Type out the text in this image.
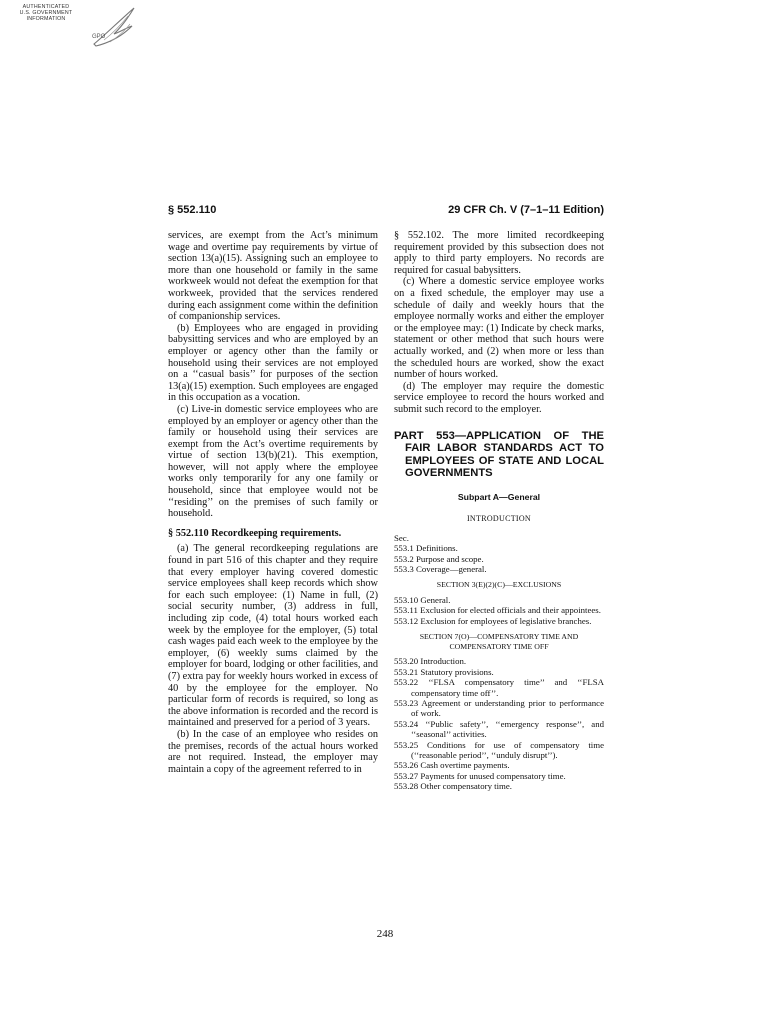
AUTHENTICATED
U.S. GOVERNMENT
INFORMATION
GPO
§ 552.110	29 CFR Ch. V (7–1–11 Edition)

services, are exempt from the Act’s minimum wage and overtime pay requirements by virtue of section 13(a)(15). Assigning such an employee to more than one household or family in the same workweek would not defeat the exemption for that workweek, provided that the services rendered during each assignment come within the definition of companionship services.

(b) Employees who are engaged in providing babysitting services and who are employed by an employer or agency other than the family or household using their services are not employed on a ‘‘casual basis’’ for purposes of the section 13(a)(15) exemption. Such employees are engaged in this occupation as a vocation.

(c) Live-in domestic service employees who are employed by an employer or agency other than the family or household using their services are exempt from the Act’s overtime requirements by virtue of section 13(b)(21). This exemption, however, will not apply where the employee works only temporarily for any one family or household, since that employee would not be ‘‘residing’’ on the premises of such family or household.

§ 552.110 Recordkeeping requirements.

(a) The general recordkeeping regulations are found in part 516 of this chapter and they require that every employer having covered domestic service employees shall keep records which show for each such employee: (1) Name in full, (2) social security number, (3) address in full, including zip code, (4) total hours worked each week by the employee for the employer, (5) total cash wages paid each week to the employee by the employer, (6) weekly sums claimed by the employer for board, lodging or other facilities, and (7) extra pay for weekly hours worked in excess of 40 by the employee for the employer. No particular form of records is required, so long as the above information is recorded and the record is maintained and preserved for a period of 3 years.

(b) In the case of an employee who resides on the premises, records of the actual hours worked are not required. Instead, the employer may maintain a copy of the agreement referred to in

§ 552.102. The more limited recordkeeping requirement provided by this subsection does not apply to third party employers. No records are required for casual babysitters.

(c) Where a domestic service employee works on a fixed schedule, the employer may use a schedule of daily and weekly hours that the employee normally works and either the employer or the employee may: (1) Indicate by check marks, statement or other method that such hours were actually worked, and (2) when more or less than the scheduled hours are worked, show the exact number of hours worked.

(d) The employer may require the domestic service employee to record the hours worked and submit such record to the employer.

PART 553—APPLICATION OF THE FAIR LABOR STANDARDS ACT TO EMPLOYEES OF STATE AND LOCAL GOVERNMENTS

Subpart A—General

INTRODUCTION

Sec.

553.1 Definitions.

553.2 Purpose and scope.

553.3 Coverage—general.

SECTION 3(E)(2)(C)—EXCLUSIONS

553.10 General.

553.11 Exclusion for elected officials and their appointees.

553.12 Exclusion for employees of legislative branches.

SECTION 7(O)—COMPENSATORY TIME AND COMPENSATORY TIME OFF

553.20 Introduction.

553.21 Statutory provisions.

553.22 ‘‘FLSA compensatory time’’ and ‘‘FLSA compensatory time off’’.

553.23 Agreement or understanding prior to performance of work.

553.24 ‘‘Public safety’’, ‘‘emergency response’’, and ‘‘seasonal’’ activities.

553.25 Conditions for use of compensatory time (‘‘reasonable period’’, ‘‘unduly disrupt’’).

553.26 Cash overtime payments.

553.27 Payments for unused compensatory time.

553.28 Other compensatory time.

248
